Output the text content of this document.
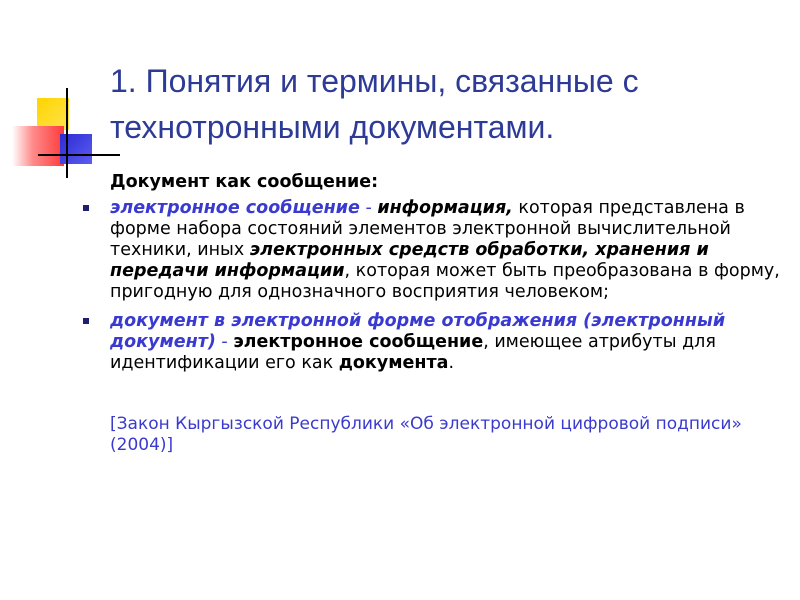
1. Понятия и термины, связанные с технотронными документами.
Документ как сообщение:
электронное сообщение - информация, которая представлена в форме набора состояний элементов электронной вычислительной техники, иных электронных средств обработки, хранения и передачи информации, которая может быть преобразована в форму, пригодную для однозначного восприятия человеком;
документ в электронной форме отображения (электронный документ) - электронное сообщение, имеющее атрибуты для идентификации его как документа.
[Закон Кыргызской Республики «Об электронной цифровой подписи» (2004)]
